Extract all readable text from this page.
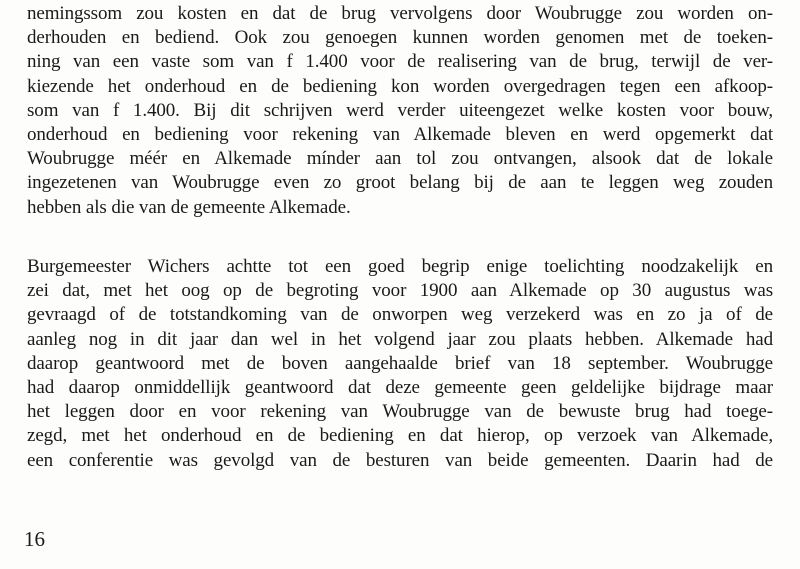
nemingssom zou kosten en dat de brug vervolgens door Woubrugge zou worden on-
derhouden en bediend. Ook zou genoegen kunnen worden genomen met de toeken-
ning van een vaste som van f 1.400 voor de realisering van de brug, terwijl de ver-
kiezende het onderhoud en de bediening kon worden overgedragen tegen een afkoop-
som van f 1.400. Bij dit schrijven werd verder uiteengezet welke kosten voor bouw,
onderhoud en bediening voor rekening van Alkemade bleven en werd opgemerkt dat
Woubrugge méér en Alkemade mínder aan tol zou ontvangen, alsook dat de lokale
ingezetenen van Woubrugge even zo groot belang bij de aan te leggen weg zouden
hebben als die van de gemeente Alkemade.
Burgemeester Wichers achtte tot een goed begrip enige toelichting noodzakelijk en
zei dat, met het oog op de begroting voor 1900 aan Alkemade op 30 augustus was
gevraagd of de totstandkoming van de onworpen weg verzekerd was en zo ja of de
aanleg nog in dit jaar dan wel in het volgend jaar zou plaats hebben. Alkemade had
daarop geantwoord met de boven aangehaalde brief van 18 september. Woubrugge
had daarop onmiddellijk geantwoord dat deze gemeente geen geldelijke bijdrage maar
het leggen door en voor rekening van Woubrugge van de bewuste brug had toege-
zegd, met het onderhoud en de bediening en dat hierop, op verzoek van Alkemade,
een conferentie was gevolgd van de besturen van beide gemeenten. Daarin had de
16
